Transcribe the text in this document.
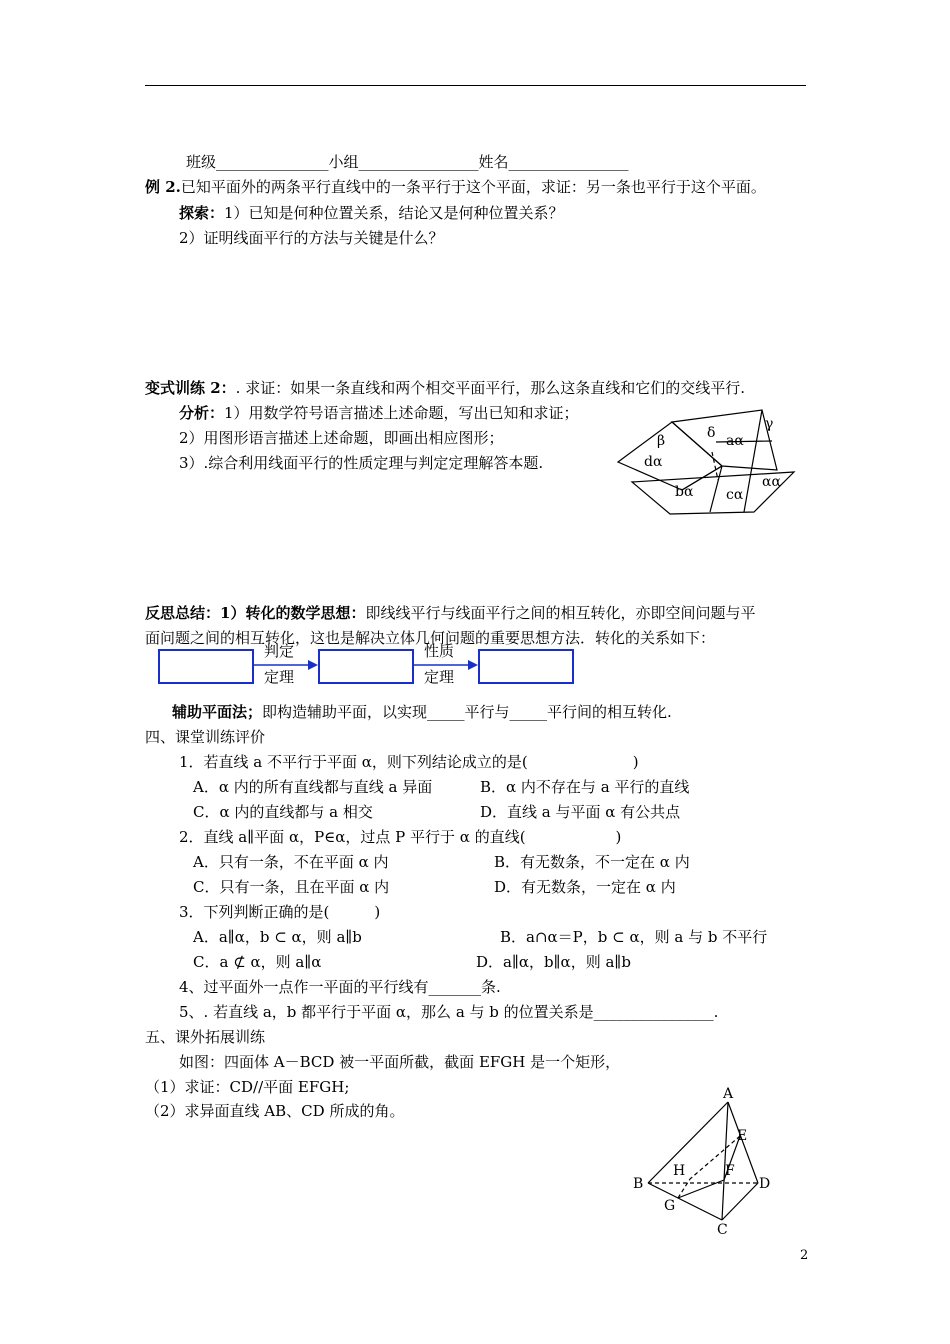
班级_______________小组________________姓名________________
例 2.已知平面外的两条平行直线中的一条平行于这个平面，求证：另一条也平行于这个平面。
探索：1）已知是何种位置关系，结论又是何种位置关系？
2）证明线面平行的方法与关键是什么？
变式训练 2：. 求证：如果一条直线和两个相交平面平行，那么这条直线和它们的交线平行.
分析：1）用数学符号语言描述上述命题，写出已知和求证；
2）用图形语言描述上述命题，即画出相应图形；
3）.综合利用线面平行的性质定理与判定定理解答本题.
β	δ
γ
aα
dα
bα cα
αα
反思总结：1）转化的数学思想：即线线平行与线面平行之间的相互转化，亦即空间问题与平
面问题之间的相互转化，这也是解决立体几何问题的重要思想方法．转化的关系如下：
判定
定理
性质
定理
辅助平面法；即构造辅助平面，以实现_____平行与_____平行间的相互转化.
四、课堂训练评价
1．若直线 a 不平行于平面 α，则下列结论成立的是(　　　　　　　)
A．α 内的所有直线都与直线 a 异面	B．α 内不存在与 a 平行的直线
C．α 内的直线都与 a 相交	D．直线 a 与平面 α 有公共点
2．直线 a∥平面 α，P∈α，过点 P 平行于 α 的直线(　　　　　　)
A．只有一条，不在平面 α 内	B．有无数条，不一定在 α 内
C．只有一条，且在平面 α 内	D．有无数条，一定在 α 内
3．下列判断正确的是(　　　)
A．a∥α，b ⊂ α，则 a∥b	B．a∩α＝P，b ⊂ α，则 a 与 b 不平行
C．a ⊄ α，则 a∥α	D．a∥α，b∥α，则 a∥b
4、过平面外一点作一平面的平行线有_______条.
5、. 若直线 a，b 都平行于平面 α，那么 a 与 b 的位置关系是________________.
五、课外拓展训练
如图：四面体 A－BCD 被一平面所截，截面 EFGH 是一个矩形，
（1）求证：CD//平面 EFGH;
（2）求异面直线 AB、CD 所成的角。
A
E
H	F
B	D
G
C
2
